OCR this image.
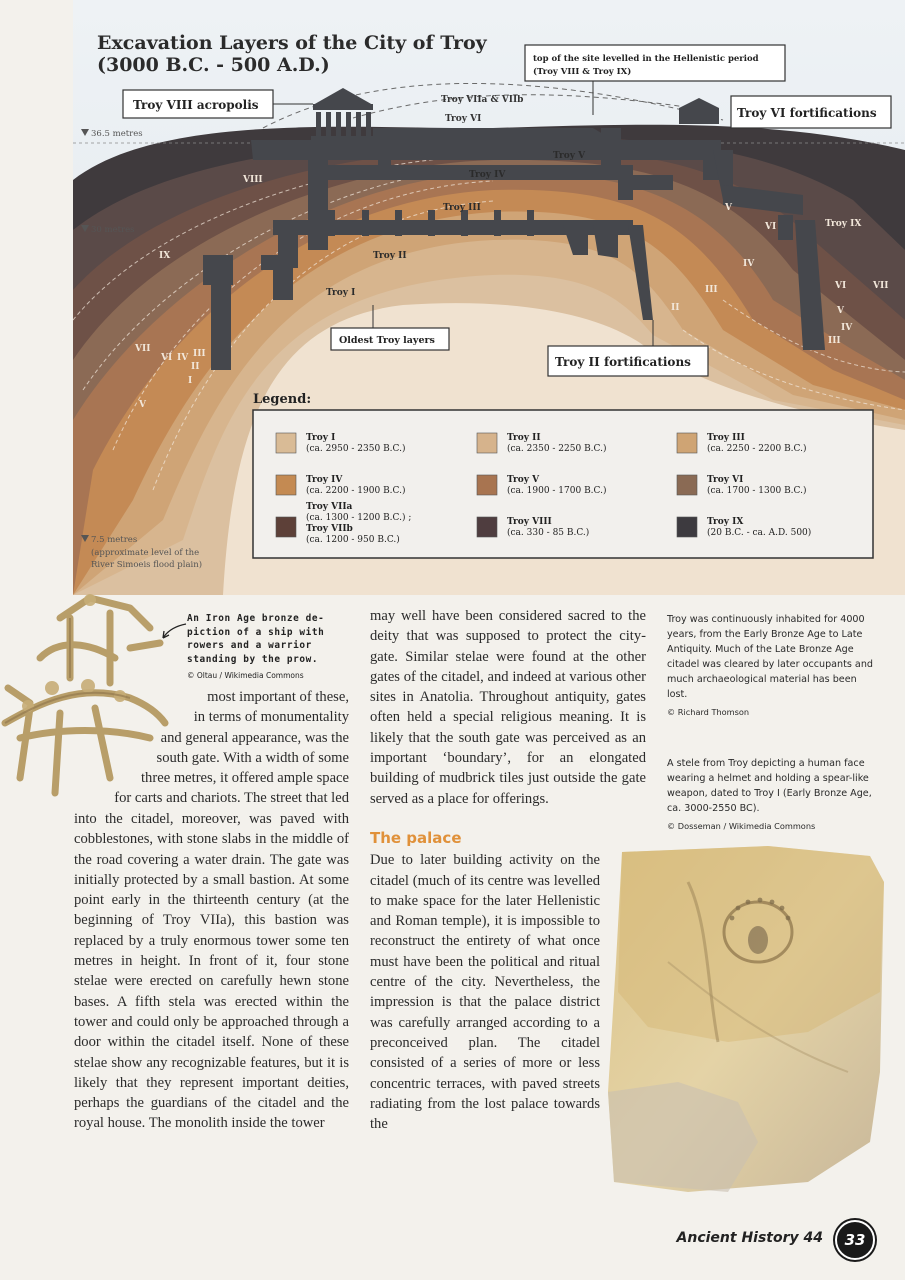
Excavation Layers of the City of Troy
(3000 B.C. - 500 A.D.)	top of the site levelled in the Hellenistic period
(Troy VIII & Troy IX)
Troy VIII acropolis
Troy VI fortifications
Oldest Troy layers
Troy II fortifications
Troy VIIa & VIIb
Troy VI
36.5 metres
30 metres
7.5 metres
(approximate level of the
River Simoeis flood plain)
Troy V
Troy IV
Troy III
Troy II
Troy I
VIII
IX
V
VI
IV
III
II
Troy IX
VI	VII
V
IV
III
VII
VI IV III
II
I
V	Legend:
Troy I
(ca. 2950 - 2350 B.C.)
Troy II
(ca. 2350 - 2250 B.C.)
Troy III
(ca. 2250 - 2200 B.C.)
Troy IV
(ca. 2200 - 1900 B.C.)
Troy V
(ca. 1900 - 1700 B.C.)
Troy VI
(ca. 1700 - 1300 B.C.)
Troy VIIa
(ca. 1300 - 1200 B.C.) ;
Troy VIIb
(ca. 1200 - 950 B.C.)
Troy VIII
(ca. 330 - 85 B.C.)
Troy IX
(20 B.C. - ca. A.D. 500)
An Iron Age bronze de-
piction of a ship with
rowers and a warrior
standing by the prow.
© Oltau / Wikimedia Commons

most important of these,

in terms of monumentality

and general appearance, was the

south gate. With a width of some

three metres, it offered ample space

for carts and chariots. The street that led

into the citadel, moreover, was paved with cobblestones, with stone slabs in the middle of the road covering a water drain. The gate was initially protected by a small bastion. At some point early in the thirteenth century (at the beginning of Troy VIIa), this bastion was replaced by a truly enormous tower some ten metres in height. In front of it, four stone stelae were erected on carefully hewn stone bases. A fifth stela was erected within the tower and could only be approached through a door within the citadel itself. None of these stelae show any recognizable features, but it is likely that they represent important deities, perhaps the guardians of the citadel and the royal house. The monolith inside the tower

may well have been considered sacred to the deity that was supposed to protect the city-gate. Similar stelae were found at the other gates of the citadel, and indeed at various other sites in Anatolia. Throughout antiquity, gates often held a special religious meaning. It is likely that the south gate was perceived as an important ‘boundary’, for an elongated building of mudbrick tiles just outside the gate served as a place for offerings.

The palace

Due to later building activity on the citadel (much of its centre was levelled to make space for the later Hellenistic and Roman temple), it is impossible to reconstruct the entirety of what once must have been the political and ritual centre of the city. Nevertheless, the impression is that the palace district was carefully arranged according to a preconceived plan. The citadel consisted of a series of more or less concentric terraces, with paved streets radiating from the lost palace towards the

Troy was continuously inhabited for 4000 years, from the Early Bronze Age to Late Antiquity. Much of the Late Bronze Age citadel was cleared by later occupants and much archaeological material has been lost.
© Richard Thomson
A stele from Troy depicting a human face wearing a helmet and holding a spear-like weapon, dated to Troy I (Early Bronze Age, ca. 3000-2550 BC).
© Dosseman / Wikimedia Commons
Ancient History 44	33
